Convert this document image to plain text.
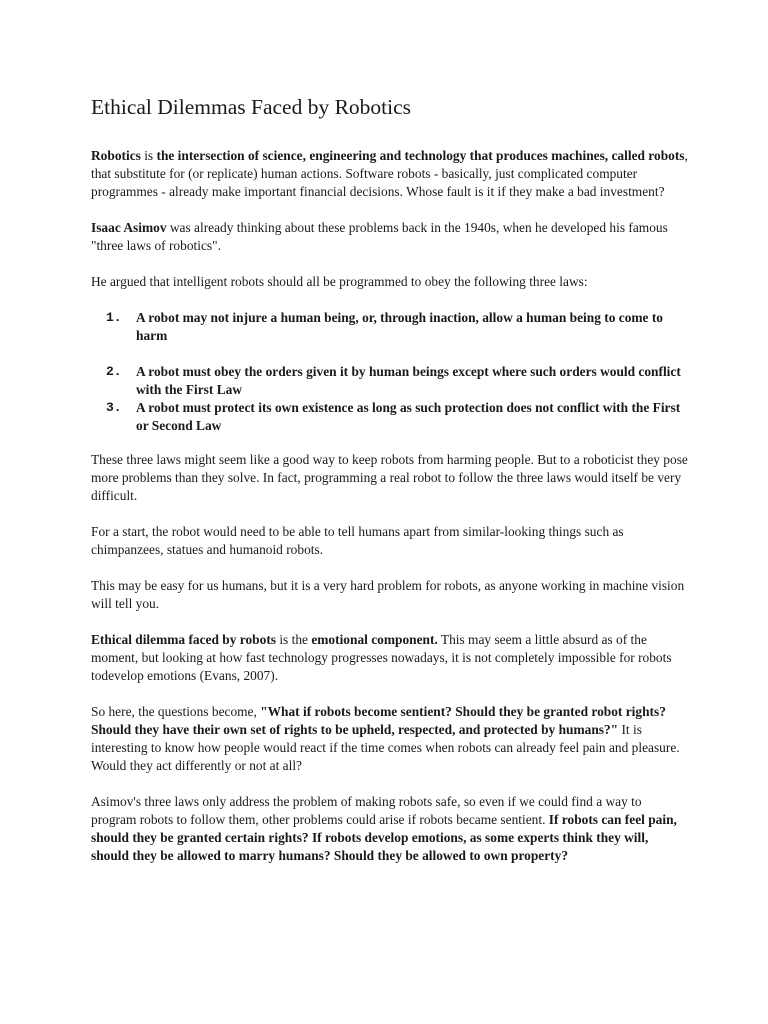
Ethical Dilemmas Faced by Robotics

Robotics is the intersection of science, engineering and technology that produces machines, called robots, that substitute for (or replicate) human actions. Software robots - basically, just complicated computer programmes - already make important financial decisions. Whose fault is it if they make a bad investment?

Isaac Asimov was already thinking about these problems back in the 1940s, when he developed his famous "three laws of robotics".

He argued that intelligent robots should all be programmed to obey the following three laws:

1. A robot may not injure a human being, or, through inaction, allow a human being to come to harm
2. A robot must obey the orders given it by human beings except where such orders would conflict with the First Law
3. A robot must protect its own existence as long as such protection does not conflict with the First or Second Law

These three laws might seem like a good way to keep robots from harming people. But to a roboticist they pose more problems than they solve. In fact, programming a real robot to follow the three laws would itself be very difficult.

For a start, the robot would need to be able to tell humans apart from similar-looking things such as chimpanzees, statues and humanoid robots.

This may be easy for us humans, but it is a very hard problem for robots, as anyone working in machine vision will tell you.

Ethical dilemma faced by robots is the emotional component. This may seem a little absurd as of the moment, but looking at how fast technology progresses nowadays, it is not completely impossible for robots todevelop emotions (Evans, 2007).

So here, the questions become, "What if robots become sentient? Should they be granted robot rights? Should they have their own set of rights to be upheld, respected, and protected by humans?" It is interesting to know how people would react if the time comes when robots can already feel pain and pleasure. Would they act differently or not at all?

Asimov's three laws only address the problem of making robots safe, so even if we could find a way to program robots to follow them, other problems could arise if robots became sentient. If robots can feel pain, should they be granted certain rights? If robots develop emotions, as some experts think they will, should they be allowed to marry humans? Should they be allowed to own property?
